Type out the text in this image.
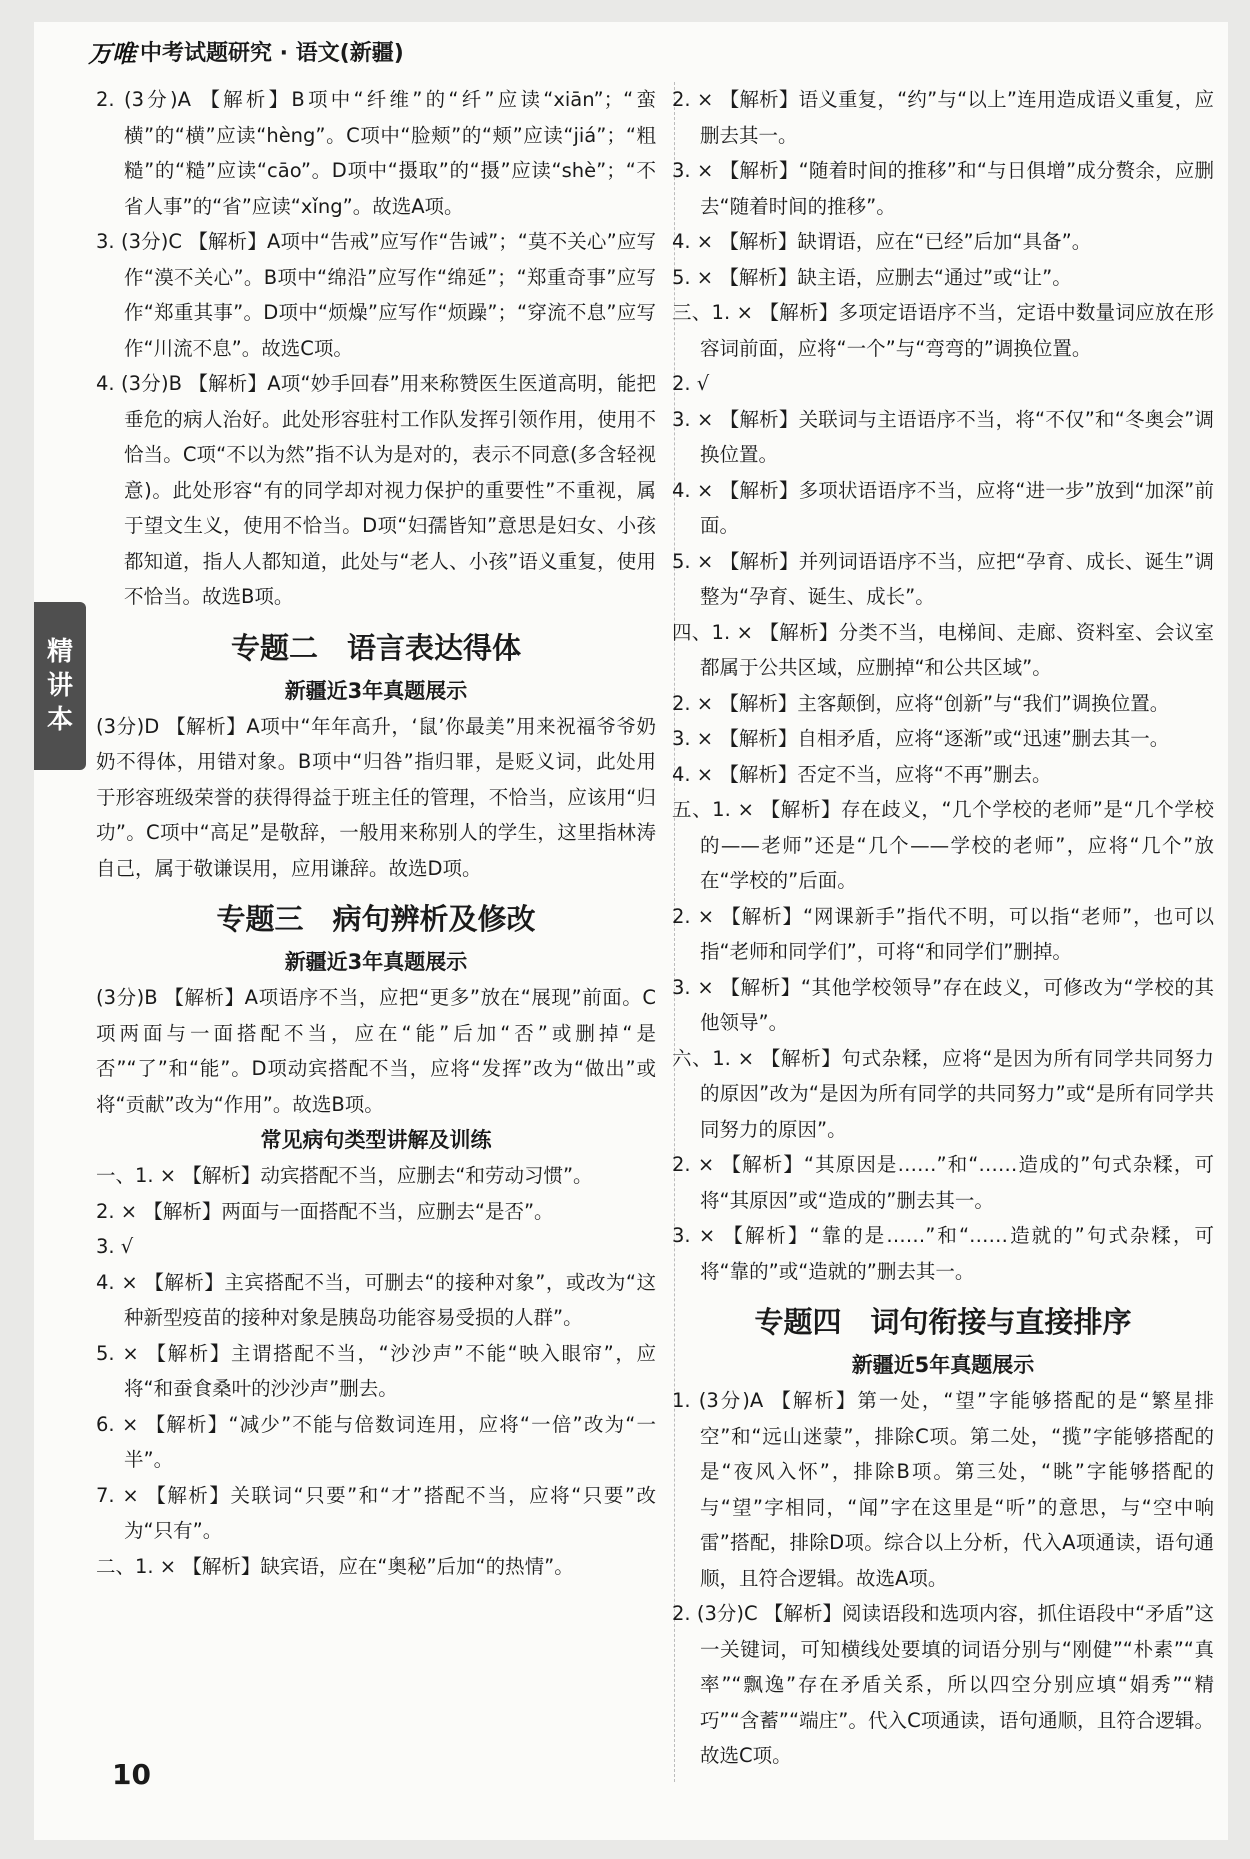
万唯 中考试题研究 · 语文(新疆)
精
讲
本

2. (3分)A 【解析】B项中“纤维”的“纤”应读“xiān”；“蛮横”的“横”应读“hèng”。C项中“脸颊”的“颊”应读“jiá”；“粗糙”的“糙”应读“cāo”。D项中“摄取”的“摄”应读“shè”；“不省人事”的“省”应读“xǐng”。故选A项。

3. (3分)C 【解析】A项中“告戒”应写作“告诫”；“莫不关心”应写作“漠不关心”。B项中“绵沿”应写作“绵延”；“郑重奇事”应写作“郑重其事”。D项中“烦燥”应写作“烦躁”；“穿流不息”应写作“川流不息”。故选C项。

4. (3分)B 【解析】A项“妙手回春”用来称赞医生医道高明，能把垂危的病人治好。此处形容驻村工作队发挥引领作用，使用不恰当。C项“不以为然”指不认为是对的，表示不同意(多含轻视意)。此处形容“有的同学却对视力保护的重要性”不重视，属于望文生义，使用不恰当。D项“妇孺皆知”意思是妇女、小孩都知道，指人人都知道，此处与“老人、小孩”语义重复，使用不恰当。故选B项。

专题二　语言表达得体
新疆近3年真题展示

(3分)D 【解析】A项中“年年高升，‘鼠’你最美”用来祝福爷爷奶奶不得体，用错对象。B项中“归咎”指归罪，是贬义词，此处用于形容班级荣誉的获得得益于班主任的管理，不恰当，应该用“归功”。C项中“高足”是敬辞，一般用来称别人的学生，这里指林涛自己，属于敬谦误用，应用谦辞。故选D项。

专题三　病句辨析及修改
新疆近3年真题展示

(3分)B 【解析】A项语序不当，应把“更多”放在“展现”前面。C项两面与一面搭配不当，应在“能”后加“否”或删掉“是否”“了”和“能”。D项动宾搭配不当，应将“发挥”改为“做出”或将“贡献”改为“作用”。故选B项。

常见病句类型讲解及训练

一、1. × 【解析】动宾搭配不当，应删去“和劳动习惯”。

2. × 【解析】两面与一面搭配不当，应删去“是否”。

3. √

4. × 【解析】主宾搭配不当，可删去“的接种对象”，或改为“这种新型疫苗的接种对象是胰岛功能容易受损的人群”。

5. × 【解析】主谓搭配不当，“沙沙声”不能“映入眼帘”，应将“和蚕食桑叶的沙沙声”删去。

6. × 【解析】“减少”不能与倍数词连用，应将“一倍”改为“一半”。

7. × 【解析】关联词“只要”和“才”搭配不当，应将“只要”改为“只有”。

二、1. × 【解析】缺宾语，应在“奥秘”后加“的热情”。

2. × 【解析】语义重复，“约”与“以上”连用造成语义重复，应删去其一。

3. × 【解析】“随着时间的推移”和“与日俱增”成分赘余，应删去“随着时间的推移”。

4. × 【解析】缺谓语，应在“已经”后加“具备”。

5. × 【解析】缺主语，应删去“通过”或“让”。

三、1. × 【解析】多项定语语序不当，定语中数量词应放在形容词前面，应将“一个”与“弯弯的”调换位置。

2. √

3. × 【解析】关联词与主语语序不当，将“不仅”和“冬奥会”调换位置。

4. × 【解析】多项状语语序不当，应将“进一步”放到“加深”前面。

5. × 【解析】并列词语语序不当，应把“孕育、成长、诞生”调整为“孕育、诞生、成长”。

四、1. × 【解析】分类不当，电梯间、走廊、资料室、会议室都属于公共区域，应删掉“和公共区域”。

2. × 【解析】主客颠倒，应将“创新”与“我们”调换位置。

3. × 【解析】自相矛盾，应将“逐渐”或“迅速”删去其一。

4. × 【解析】否定不当，应将“不再”删去。

五、1. × 【解析】存在歧义，“几个学校的老师”是“几个学校的——老师”还是“几个——学校的老师”，应将“几个”放在“学校的”后面。

2. × 【解析】“网课新手”指代不明，可以指“老师”，也可以指“老师和同学们”，可将“和同学们”删掉。

3. × 【解析】“其他学校领导”存在歧义，可修改为“学校的其他领导”。

六、1. × 【解析】句式杂糅，应将“是因为所有同学共同努力的原因”改为“是因为所有同学的共同努力”或“是所有同学共同努力的原因”。

2. × 【解析】“其原因是……”和“……造成的”句式杂糅，可将“其原因”或“造成的”删去其一。

3. × 【解析】“靠的是……”和“……造就的”句式杂糅，可将“靠的”或“造就的”删去其一。

专题四　词句衔接与直接排序
新疆近5年真题展示

1. (3分)A 【解析】第一处，“望”字能够搭配的是“繁星排空”和“远山迷蒙”，排除C项。第二处，“揽”字能够搭配的是“夜风入怀”，排除B项。第三处，“眺”字能够搭配的与“望”字相同，“闻”字在这里是“听”的意思，与“空中响雷”搭配，排除D项。综合以上分析，代入A项通读，语句通顺，且符合逻辑。故选A项。

2. (3分)C 【解析】阅读语段和选项内容，抓住语段中“矛盾”这一关键词，可知横线处要填的词语分别与“刚健”“朴素”“真率”“飘逸”存在矛盾关系，所以四空分别应填“娟秀”“精巧”“含蓄”“端庄”。代入C项通读，语句通顺，且符合逻辑。故选C项。

10
